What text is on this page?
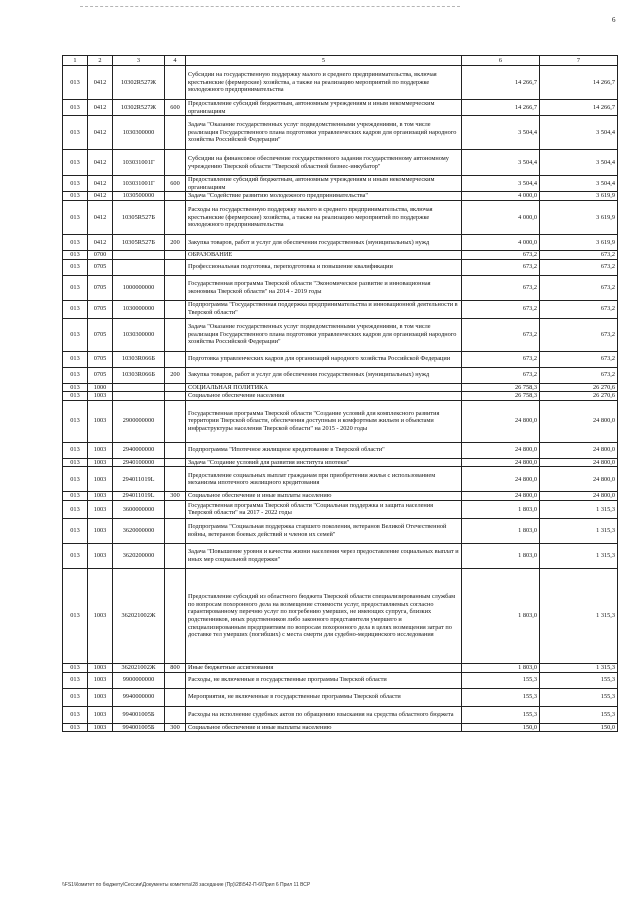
6
1	2	3	4	5	6	7
013	0412	10302R527Ж		Субсидии на государственную поддержку малого и среднего предпринимательства, включая крестьянские (фермерские) хозяйства, а также на реализацию мероприятий по поддержке молодежного предпринимательства	14 266,7	14 266,7
013	0412	10302R527Ж	600	Предоставление субсидий бюджетным, автономным учреждениям и иным некоммерческим организациям	14 266,7	14 266,7
013	0412	1030300000		Задача "Оказание государственных услуг подведомственными учреждениями, в том числе реализация Государственного плана подготовки управленческих кадров для организаций народного хозяйства Российской Федерации"	3 504,4	3 504,4
013	0412	103031001Г		Субсидии на финансовое обеспечение государственного задания государственному автономному учреждению Тверской области "Тверской областной бизнес-инкубатор"	3 504,4	3 504,4
013	0412	103031001Г	600	Предоставление субсидий бюджетным, автономным учреждениям и иным некоммерческим организациям	3 504,4	3 504,4
013	0412	1030500000		Задача "Содействие развитию молодежного предпринимательства"	4 000,0	3 619,9
013	0412	10305R527Б		Расходы на государственную поддержку малого и среднего предпринимательства, включая крестьянские (фермерские) хозяйства, а также на реализацию мероприятий по поддержке молодежного предпринимательства	4 000,0	3 619,9
013	0412	10305R527Б	200	Закупка товаров, работ и услуг для обеспечения государственных (муниципальных) нужд	4 000,0	3 619,9
013	0700			ОБРАЗОВАНИЕ	673,2	673,2
013	0705			Профессиональная подготовка, переподготовка и повышение квалификации	673,2	673,2
013	0705	1000000000		Государственная программа Тверской области "Экономическое развитие и инновационная экономика Тверской области" на 2014 - 2019 годы	673,2	673,2
013	0705	1030000000		Подпрограмма "Государственная поддержка предпринимательства и инновационной деятельности в Тверской области"	673,2	673,2
013	0705	1030300000		Задача "Оказание государственных услуг подведомственными учреждениями, в том числе реализация Государственного плана подготовки управленческих кадров для организаций народного хозяйства Российской Федерации"	673,2	673,2
013	0705	10303R066Б		Подготовка управленческих кадров для организаций народного хозяйства Российской Федерации	673,2	673,2
013	0705	10303R066Б	200	Закупка товаров, работ и услуг для обеспечения государственных (муниципальных) нужд	673,2	673,2
013	1000			СОЦИАЛЬНАЯ ПОЛИТИКА	26 758,3	26 270,6
013	1003			Социальное обеспечение населения	26 758,3	26 270,6
013	1003	2900000000		Государственная программа Тверской области "Создание условий для комплексного развития территории Тверской области, обеспечения доступным и комфортным жильем и объектами инфраструктуры населения Тверской области" на 2015 - 2020 годы	24 800,0	24 800,0
013	1003	2940000000		Подпрограмма "Ипотечное жилищное кредитование в Тверской области"	24 800,0	24 800,0
013	1003	2940100000		Задача "Создание условий для развития института ипотеки"	24 800,0	24 800,0
013	1003	294011019L		Предоставление социальных выплат гражданам при приобретении жилья с использованием механизма ипотечного жилищного кредитования	24 800,0	24 800,0
013	1003	294011019L	300	Социальное обеспечение и иные выплаты населению	24 800,0	24 800,0
013	1003	3600000000		Государственная программа Тверской области "Социальная поддержка и защита населения Тверской области" на 2017 - 2022 годы	1 803,0	1 315,3
013	1003	3620000000		Подпрограмма "Социальная поддержка старшего поколения, ветеранов Великой Отечественной войны, ветеранов боевых действий и членов их семей"	1 803,0	1 315,3
013	1003	3620200000		Задача "Повышение уровня и качества жизни населения через предоставление социальных выплат и иных мер социальной поддержки"	1 803,0	1 315,3
013	1003	362021002Ж		Предоставление субсидий из областного бюджета Тверской области специализированным службам по вопросам похоронного дела на возмещение стоимости услуг, предоставляемых согласно гарантированному перечню услуг по погребению умерших, не имеющих супруга, близких родственников, иных родственников либо законного представителя умершего и специализированным предприятиям по вопросам похоронного дела в целях возмещения затрат по доставке тел умерших (погибших) с места смерти для судебно-медицинского исследования	1 803,0	1 315,3
013	1003	362021002Ж	800	Иные бюджетные ассигнования	1 803,0	1 315,3
013	1003	9900000000		Расходы, не включенные в государственные программы Тверской области	155,3	155,3
013	1003	9940000000		Мероприятия, не включенные в государственные программы Тверской области	155,3	155,3
013	1003	994001005Б		Расходы на исполнение судебных актов по обращению взыскания на средства областного бюджета	155,3	155,3
013	1003	994001005Б	300	Социальное обеспечение и иные выплаты населению	150,0	150,0
\\FS1\Комитет по бюджету\Сессии\Документы комитета\28 заседание (Пр)\28\542-П-6\Прил 6 Прил 11 ВСР
